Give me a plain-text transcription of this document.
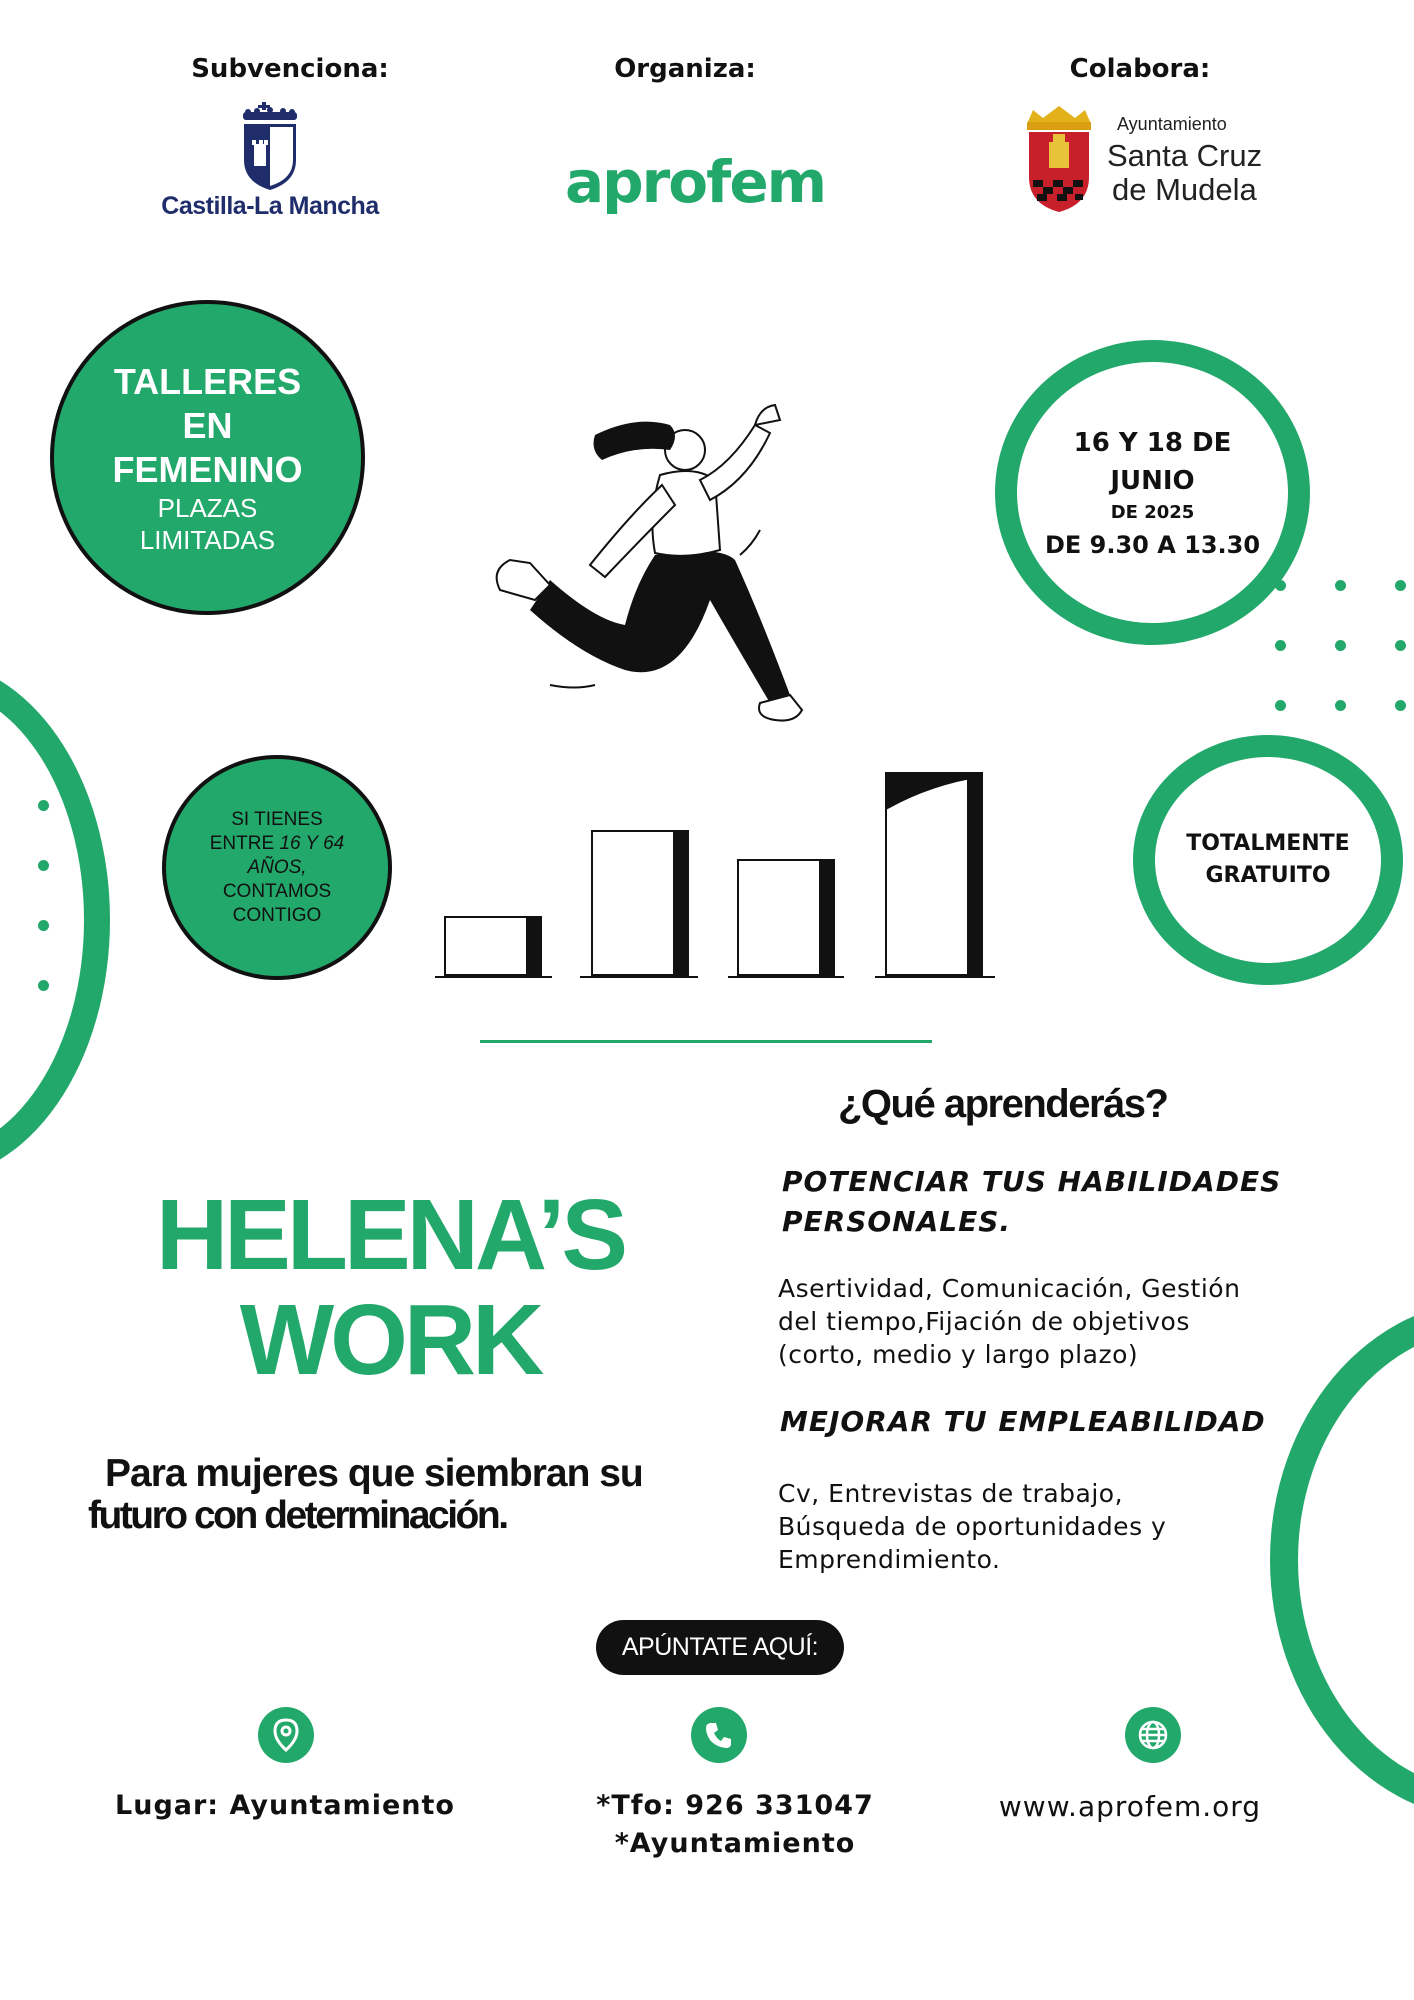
Subvenciona:	Organiza:	Colabora:
Castilla-La Mancha	aprofem
Ayuntamiento
Santa Cruz
de Mudela
TALLERES
EN
FEMENINO
PLAZAS
LIMITADAS
16 Y 18 DE
JUNIO
DE 2025
DE 9.30 A 13.30
SI TIENES
ENTRE 16 Y 64
AÑOS,
CONTAMOS
CONTIGO
TOTALMENTE
GRATUITO
HELENA’S
WORK
Para mujeres que siembran su
futuro con determinación.
¿Qué aprenderás?
POTENCIAR TUS HABILIDADES
PERSONALES.
Asertividad, Comunicación, Gestión
del tiempo,Fijación de objetivos
(corto, medio y largo plazo)
MEJORAR TU EMPLEABILIDAD
Cv, Entrevistas de trabajo,
Búsqueda de oportunidades y
Emprendimiento.
APÚNTATE AQUÍ:
Lugar: Ayuntamiento	*Tfo: 926 331047
*Ayuntamiento
www.aprofem.org
